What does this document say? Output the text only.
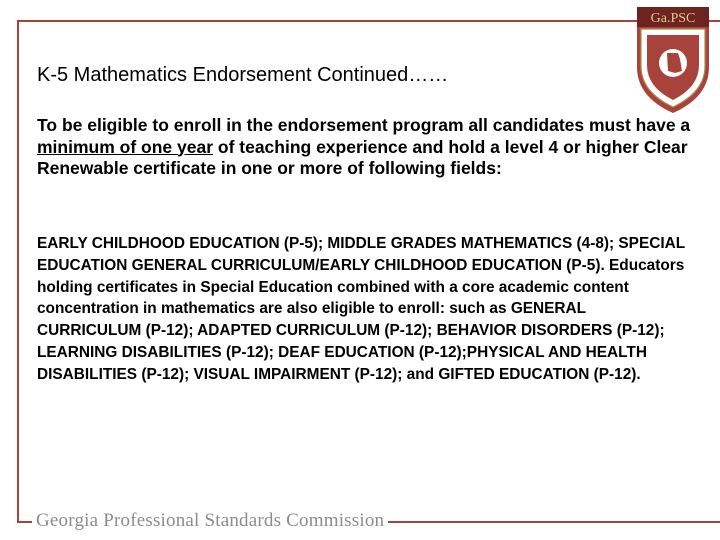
Georgia Professional Standards Commission
Ga.PSC
K-5 Mathematics Endorsement Continued……

To be eligible to enroll in the endorsement program all candidates must have a minimum of one year of teaching experience and hold a level 4 or higher Clear Renewable certificate in one or more of following fields:

EARLY CHILDHOOD EDUCATION (P-5); MIDDLE GRADES MATHEMATICS (4-8); SPECIAL EDUCATION GENERAL CURRICULUM/EARLY CHILDHOOD EDUCATION (P-5). Educators holding certificates in Special Education combined with a core academic content concentration in mathematics are also eligible to enroll: such as GENERAL CURRICULUM (P-12); ADAPTED CURRICULUM (P-12); BEHAVIOR DISORDERS (P-12); LEARNING DISABILITIES (P-12); DEAF EDUCATION (P-12);PHYSICAL AND HEALTH DISABILITIES (P-12); VISUAL IMPAIRMENT (P-12); and GIFTED EDUCATION (P-12).
